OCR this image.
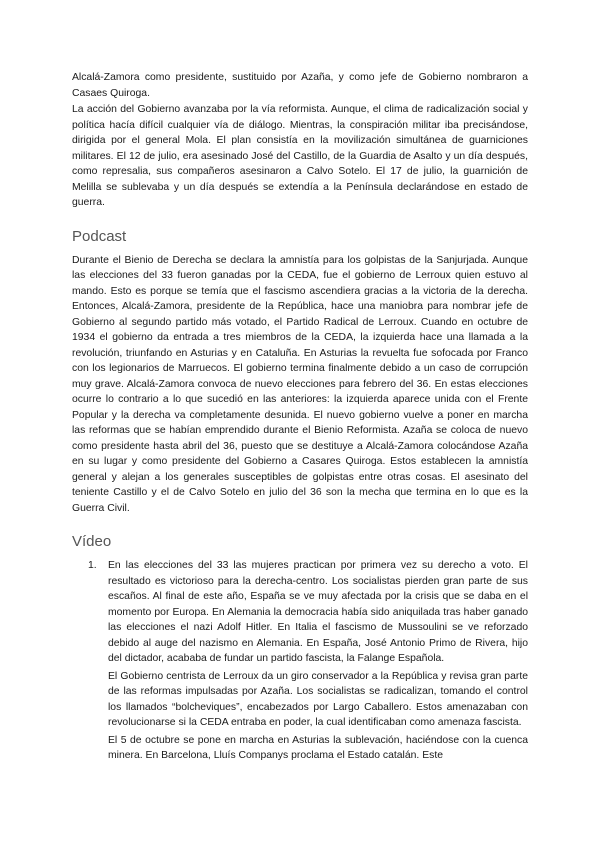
Alcalá-Zamora como presidente, sustituido por Azaña, y como jefe de Gobierno nombraron a Casaes Quiroga.

La acción del Gobierno avanzaba por la vía reformista. Aunque, el clima de radicalización social y política hacía difícil cualquier vía de diálogo. Mientras, la conspiración militar iba precisándose, dirigida por el general Mola. El plan consistía en la movilización simultánea de guarniciones militares. El 12 de julio, era asesinado José del Castillo, de la Guardia de Asalto y un día después, como represalia, sus compañeros asesinaron a Calvo Sotelo. El 17 de julio, la guarnición de Melilla se sublevaba y un día después se extendía a la Península declarándose en estado de guerra.

Podcast

Durante el Bienio de Derecha se declara la amnistía para los golpistas de la Sanjurjada. Aunque las elecciones del 33 fueron ganadas por la CEDA, fue el gobierno de Lerroux quien estuvo al mando. Esto es porque se temía que el fascismo ascendiera gracias a la victoria de la derecha. Entonces, Alcalá-Zamora, presidente de la República, hace una maniobra para nombrar jefe de Gobierno al segundo partido más votado, el Partido Radical de Lerroux. Cuando en octubre de 1934 el gobierno da entrada a tres miembros de la CEDA, la izquierda hace una llamada a la revolución, triunfando en Asturias y en Cataluña. En Asturias la revuelta fue sofocada por Franco con los legionarios de Marruecos. El gobierno termina finalmente debido a un caso de corrupción muy grave. Alcalá-Zamora convoca de nuevo elecciones para febrero del 36. En estas elecciones ocurre lo contrario a lo que sucedió en las anteriores: la izquierda aparece unida con el Frente Popular y la derecha va completamente desunida. El nuevo gobierno vuelve a poner en marcha las reformas que se habían emprendido durante el Bienio Reformista. Azaña se coloca de nuevo como presidente hasta abril del 36, puesto que se destituye a Alcalá-Zamora colocándose Azaña en su lugar y como presidente del Gobierno a Casares Quiroga. Estos establecen la amnistía general y alejan a los generales susceptibles de golpistas entre otras cosas. El asesinato del teniente Castillo y el de Calvo Sotelo en julio del 36 son la mecha que termina en lo que es la Guerra Civil.

Vídeo
1. En las elecciones del 33 las mujeres practican por primera vez su derecho a voto. El resultado es victorioso para la derecha-centro. Los socialistas pierden gran parte de sus escaños. Al final de este año, España se ve muy afectada por la crisis que se daba en el momento por Europa. En Alemania la democracia había sido aniquilada tras haber ganado las elecciones el nazi Adolf Hitler. En Italia el fascismo de Mussoulini se ve reforzado debido al auge del nazismo en Alemania. En España, José Antonio Primo de Rivera, hijo del dictador, acababa de fundar un partido fascista, la Falange Española.

El Gobierno centrista de Lerroux da un giro conservador a la República y revisa gran parte de las reformas impulsadas por Azaña. Los socialistas se radicalizan, tomando el control los llamados “bolcheviques”, encabezados por Largo Caballero. Estos amenazaban con revolucionarse si la CEDA entraba en poder, la cual identificaban como amenaza fascista.

El 5 de octubre se pone en marcha en Asturias la sublevación, haciéndose con la cuenca minera. En Barcelona, Lluís Companys proclama el Estado catalán. Este
